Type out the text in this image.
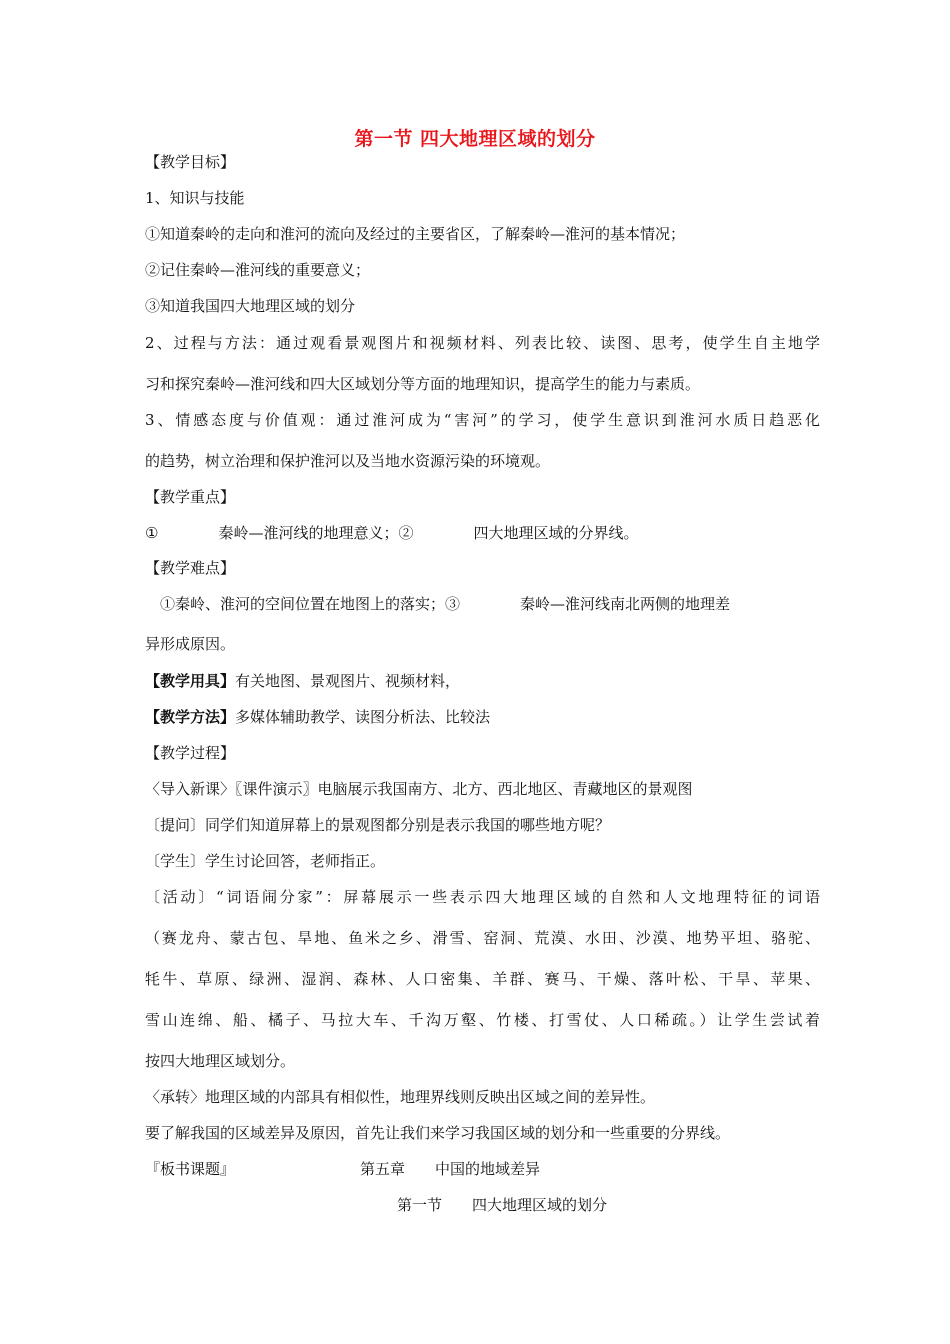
第一节 四大地理区域的划分
【教学目标】
1、知识与技能
①知道秦岭的走向和淮河的流向及经过的主要省区，了解秦岭—淮河的基本情况；
②记住秦岭—淮河线的重要意义；
③知道我国四大地理区域的划分
2、过程与方法：通过观看景观图片和视频材料、列表比较、读图、思考，使学生自主地学
习和探究秦岭—淮河线和四大区域划分等方面的地理知识，提高学生的能力与素质。
3、情感态度与价值观：通过淮河成为“害河”的学习，使学生意识到淮河水质日趋恶化
的趋势，树立治理和保护淮河以及当地水资源污染的环境观。
【教学重点】
①	秦岭—淮河线的地理意义；②	四大地理区域的分界线。
【教学难点】
①秦岭、淮河的空间位置在地图上的落实；③	秦岭—淮河线南北两侧的地理差
异形成原因。
【教学用具】有关地图、景观图片、视频材料，
【教学方法】多媒体辅助教学、读图分析法、比较法
【教学过程】
〈导入新课〉〖课件演示〗电脑展示我国南方、北方、西北地区、青藏地区的景观图
〔提问〕同学们知道屏幕上的景观图都分别是表示我国的哪些地方呢？
〔学生〕学生讨论回答，老师指正。
〔活动〕“词语闹分家”：屏幕展示一些表示四大地理区域的自然和人文地理特征的词语
（赛龙舟、蒙古包、旱地、鱼米之乡、滑雪、窑洞、荒漠、水田、沙漠、地势平坦、骆驼、
牦牛、草原、绿洲、湿润、森林、人口密集、羊群、赛马、干燥、落叶松、干旱、苹果、
雪山连绵、船、橘子、马拉大车、千沟万壑、竹楼、打雪仗、人口稀疏。）让学生尝试着
按四大地理区域划分。
〈承转〉地理区域的内部具有相似性，地理界线则反映出区域之间的差异性。
要了解我国的区域差异及原因，首先让我们来学习我国区域的划分和一些重要的分界线。
『板书课题』	第五章 中国的地域差异
第一节 四大地理区域的划分
